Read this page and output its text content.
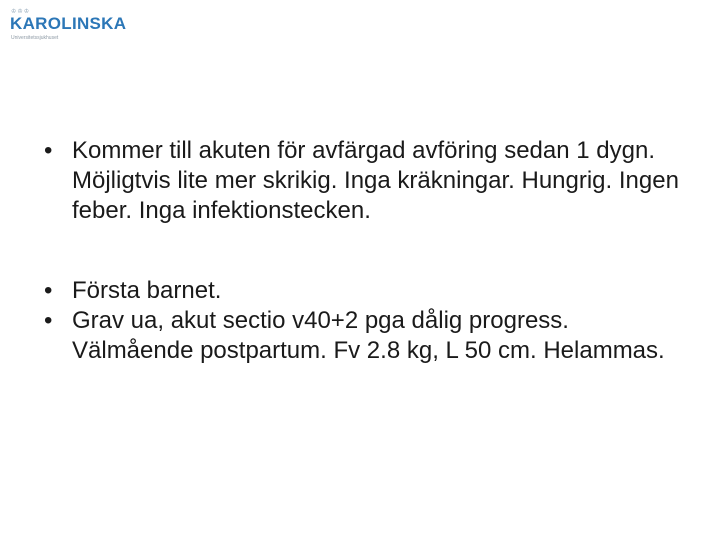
♔♔♔
KAROLINSKA
Universitetssjukhuset
• Kommer till akuten för avfärgad avföring sedan 1 dygn. Möjligtvis lite mer skrikig. Inga kräkningar. Hungrig. Ingen feber. Inga infektionstecken.
• Första barnet.
• Grav ua, akut sectio v40+2 pga dålig progress. Välmående postpartum. Fv 2.8 kg, L 50 cm. Helammas.
